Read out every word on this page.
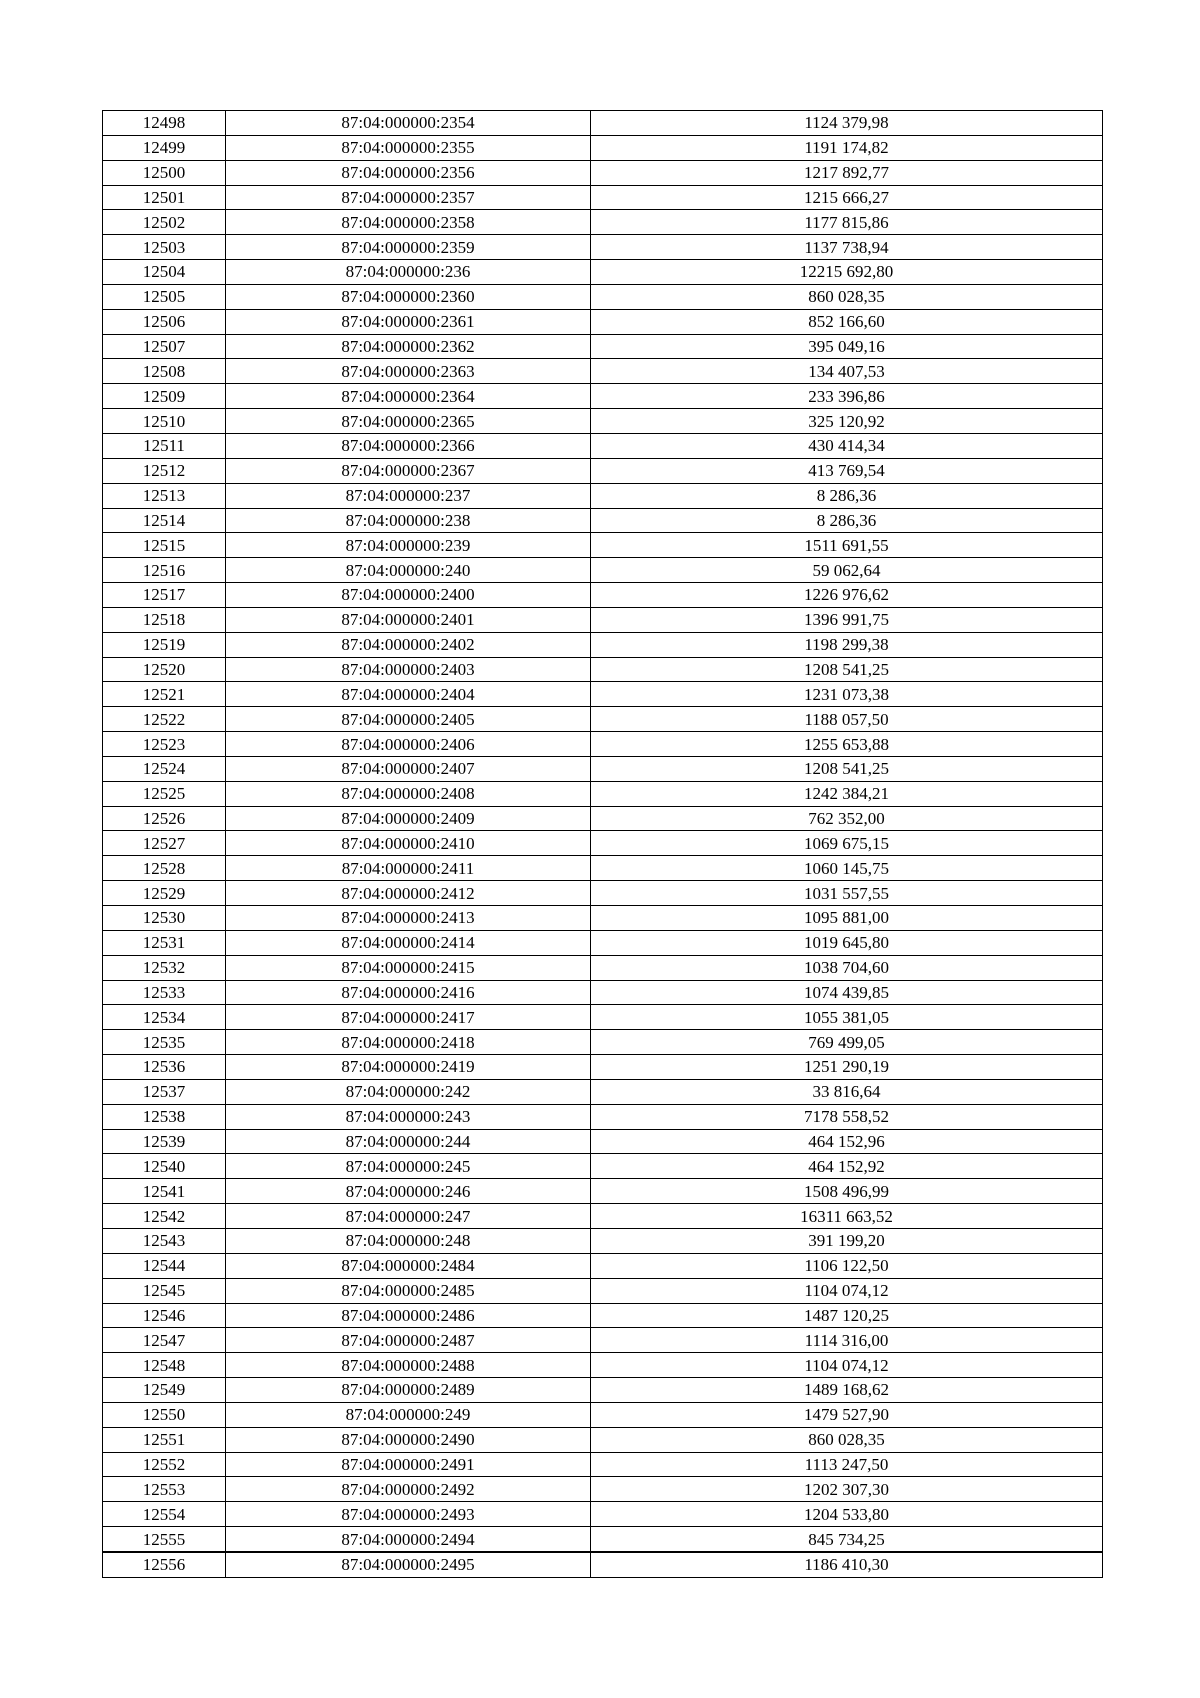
12498	87:04:000000:2354	1124 379,98
12499	87:04:000000:2355	1191 174,82
12500	87:04:000000:2356	1217 892,77
12501	87:04:000000:2357	1215 666,27
12502	87:04:000000:2358	1177 815,86
12503	87:04:000000:2359	1137 738,94
12504	87:04:000000:236	12215 692,80
12505	87:04:000000:2360	860 028,35
12506	87:04:000000:2361	852 166,60
12507	87:04:000000:2362	395 049,16
12508	87:04:000000:2363	134 407,53
12509	87:04:000000:2364	233 396,86
12510	87:04:000000:2365	325 120,92
12511	87:04:000000:2366	430 414,34
12512	87:04:000000:2367	413 769,54
12513	87:04:000000:237	8 286,36
12514	87:04:000000:238	8 286,36
12515	87:04:000000:239	1511 691,55
12516	87:04:000000:240	59 062,64
12517	87:04:000000:2400	1226 976,62
12518	87:04:000000:2401	1396 991,75
12519	87:04:000000:2402	1198 299,38
12520	87:04:000000:2403	1208 541,25
12521	87:04:000000:2404	1231 073,38
12522	87:04:000000:2405	1188 057,50
12523	87:04:000000:2406	1255 653,88
12524	87:04:000000:2407	1208 541,25
12525	87:04:000000:2408	1242 384,21
12526	87:04:000000:2409	762 352,00
12527	87:04:000000:2410	1069 675,15
12528	87:04:000000:2411	1060 145,75
12529	87:04:000000:2412	1031 557,55
12530	87:04:000000:2413	1095 881,00
12531	87:04:000000:2414	1019 645,80
12532	87:04:000000:2415	1038 704,60
12533	87:04:000000:2416	1074 439,85
12534	87:04:000000:2417	1055 381,05
12535	87:04:000000:2418	769 499,05
12536	87:04:000000:2419	1251 290,19
12537	87:04:000000:242	33 816,64
12538	87:04:000000:243	7178 558,52
12539	87:04:000000:244	464 152,96
12540	87:04:000000:245	464 152,92
12541	87:04:000000:246	1508 496,99
12542	87:04:000000:247	16311 663,52
12543	87:04:000000:248	391 199,20
12544	87:04:000000:2484	1106 122,50
12545	87:04:000000:2485	1104 074,12
12546	87:04:000000:2486	1487 120,25
12547	87:04:000000:2487	1114 316,00
12548	87:04:000000:2488	1104 074,12
12549	87:04:000000:2489	1489 168,62
12550	87:04:000000:249	1479 527,90
12551	87:04:000000:2490	860 028,35
12552	87:04:000000:2491	1113 247,50
12553	87:04:000000:2492	1202 307,30
12554	87:04:000000:2493	1204 533,80
12555	87:04:000000:2494	845 734,25
12556	87:04:000000:2495	1186 410,30
